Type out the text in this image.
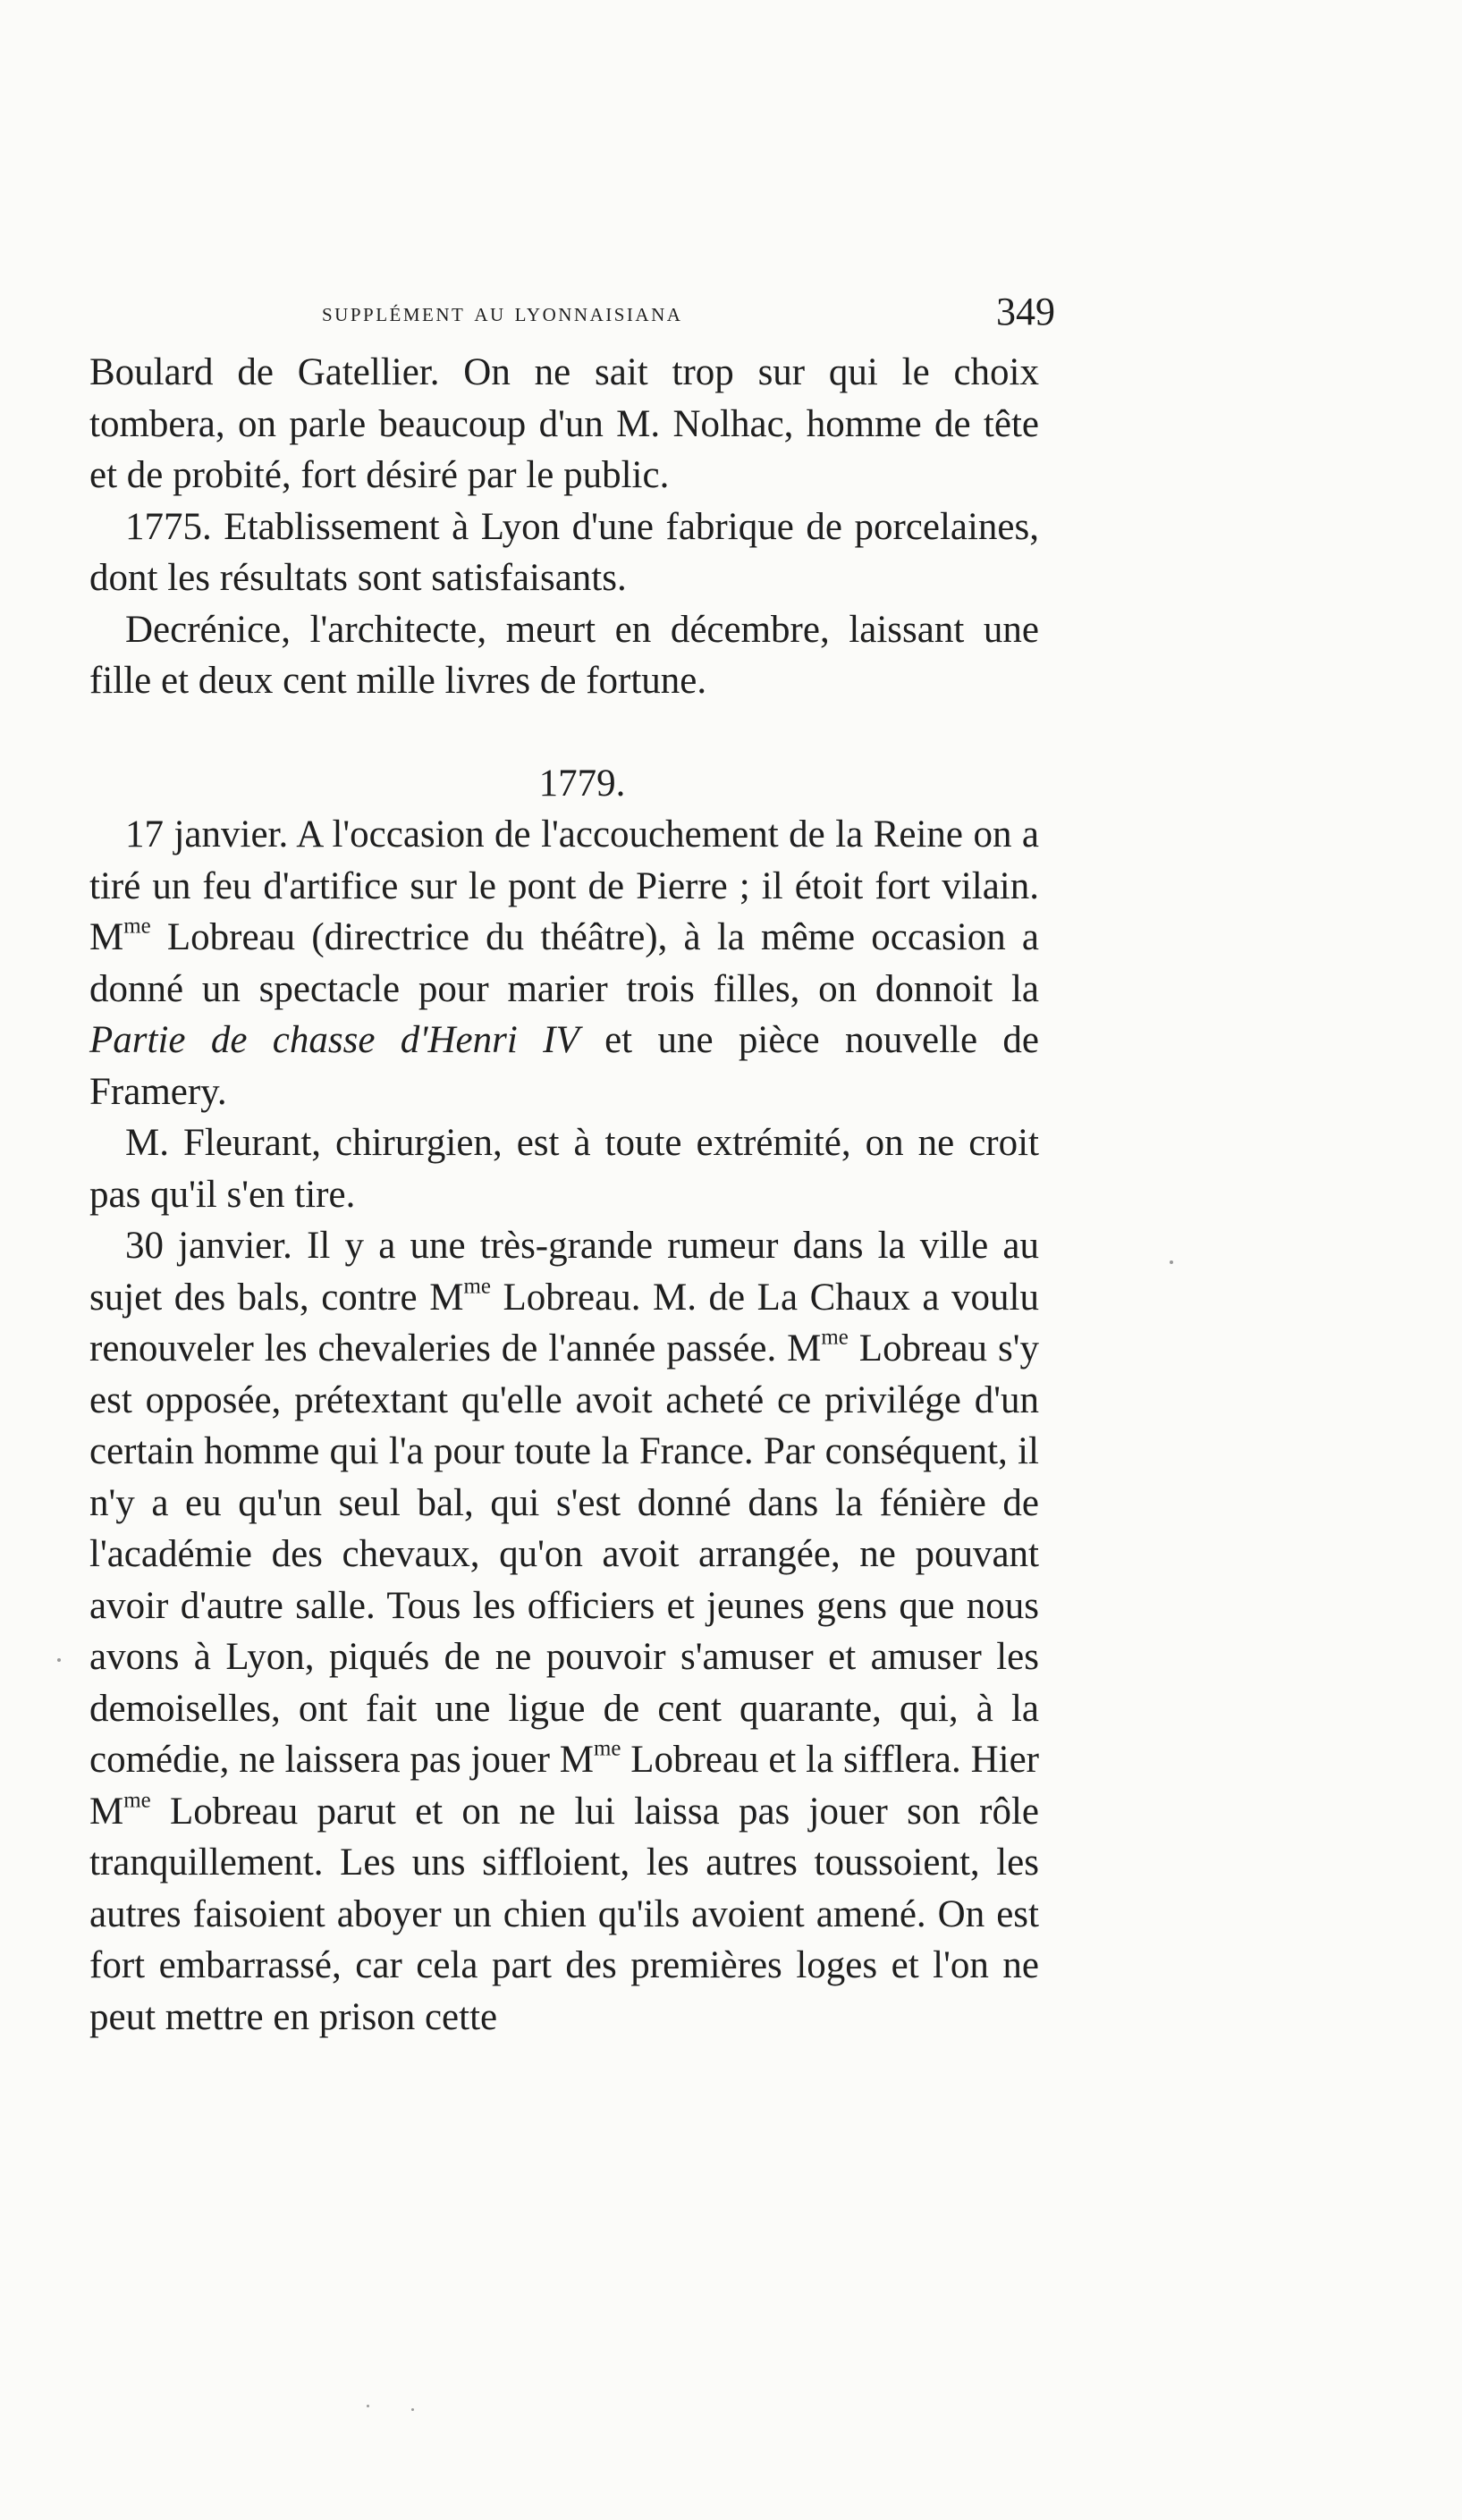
supplément au lyonnaisiana	349

Boulard de Gatellier. On ne sait trop sur qui le choix tombera, on parle beaucoup d'un M. Nolhac, homme de tête et de probité, fort désiré par le public.

1775. Etablissement à Lyon d'une fabrique de porcelaines, dont les résultats sont satisfaisants.

Decrénice, l'architecte, meurt en décembre, laissant une fille et deux cent mille livres de fortune.

1779.

17 janvier. A l'occasion de l'accouchement de la Reine on a tiré un feu d'artifice sur le pont de Pierre ; il étoit fort vilain. $M^{me}$ Lobreau (directrice du théâtre), à la même occasion a donné un spectacle pour marier trois filles, on donnoit la Partie de chasse d'Henri IV et une pièce nouvelle de Framery.

M. Fleurant, chirurgien, est à toute extrémité, on ne croit pas qu'il s'en tire.

30 janvier. Il y a une très-grande rumeur dans la ville au sujet des bals, contre $M^{me}$ Lobreau. M. de La Chaux a voulu renouveler les chevaleries de l'année passée. $M^{me}$ Lobreau s'y est opposée, prétextant qu'elle avoit acheté ce privilége d'un certain homme qui l'a pour toute la France. Par conséquent, il n'y a eu qu'un seul bal, qui s'est donné dans la fénière de l'académie des chevaux, qu'on avoit arrangée, ne pouvant avoir d'autre salle. Tous les officiers et jeunes gens que nous avons à Lyon, piqués de ne pouvoir s'amuser et amuser les demoiselles, ont fait une ligue de cent quarante, qui, à la comédie, ne laissera pas jouer $M^{me}$ Lobreau et la sifflera. Hier $M^{me}$ Lobreau parut et on ne lui laissa pas jouer son rôle tranquillement. Les uns siffloient, les autres toussoient, les autres faisoient aboyer un chien qu'ils avoient amené. On est fort embarrassé, car cela part des premières loges et l'on ne peut mettre en prison cette
